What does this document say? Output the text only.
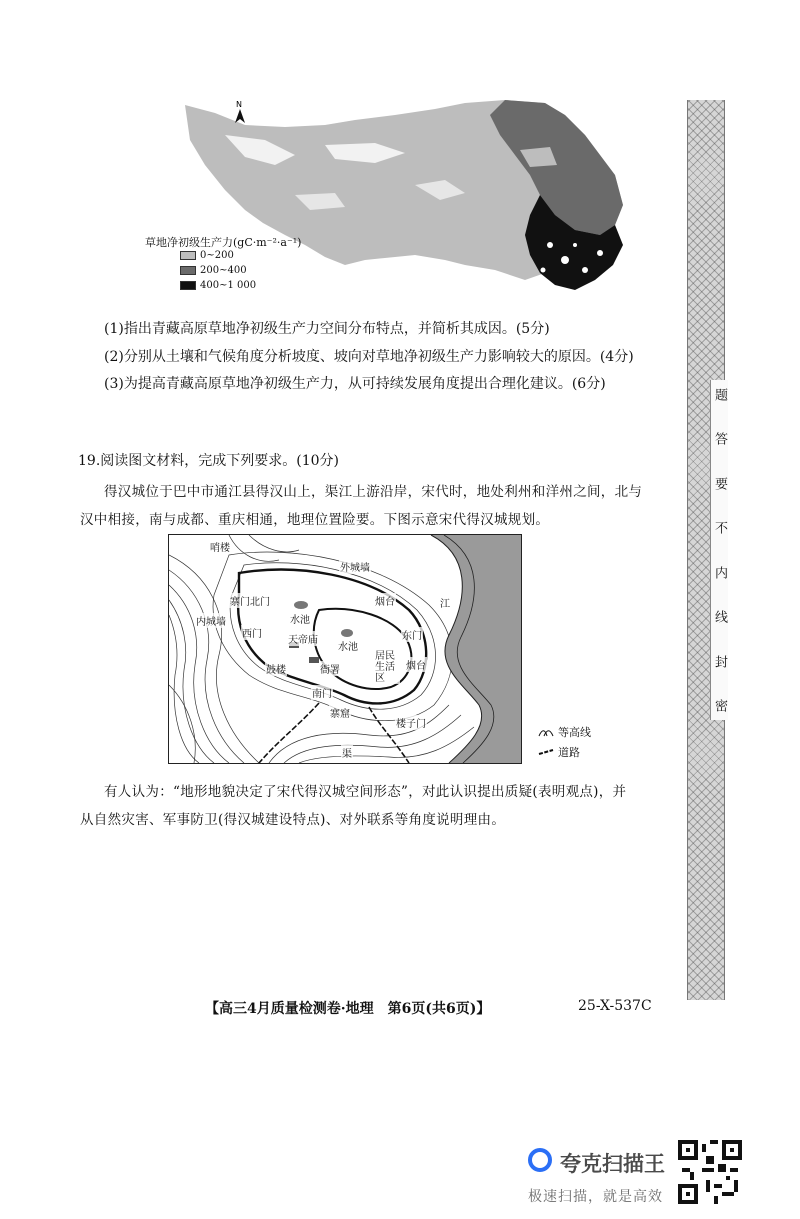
题
答
要
不
内
线
封
密
N
草地净初级生产力(gC·m⁻²·a⁻¹)
0~200
200~400
400~1 000
(1)指出青藏高原草地净初级生产力空间分布特点，并简析其成因。(5分)
(2)分别从土壤和气候角度分析坡度、坡向对草地净初级生产力影响较大的原因。(4分)
(3)为提高青藏高原草地净初级生产力，从可持续发展角度提出合理化建议。(6分)
19.阅读图文材料，完成下列要求。(10分)
得汉城位于巴中市通江县得汉山上，渠江上游沿岸，宋代时，地处利州和洋州之间，北与
汉中相接，南与成都、重庆相通，地理位置险要。下图示意宋代得汉城规划。
哨楼
外城墙
寨门北门	烟台
内城墙	水池
西门
天帝庙
水池
东门
鼓楼	衙署
居民生活区
烟台
南门
寨窟
楼子门
江
渠
等高线
道路
有人认为：“地形地貌决定了宋代得汉城空间形态”，对此认识提出质疑(表明观点)，并
从自然灾害、军事防卫(得汉城建设特点)、对外联系等角度说明理由。
【高三4月质量检测卷·地理　第6页(共6页)】	25-X-537C
夸克扫描王
极速扫描，就是高效
